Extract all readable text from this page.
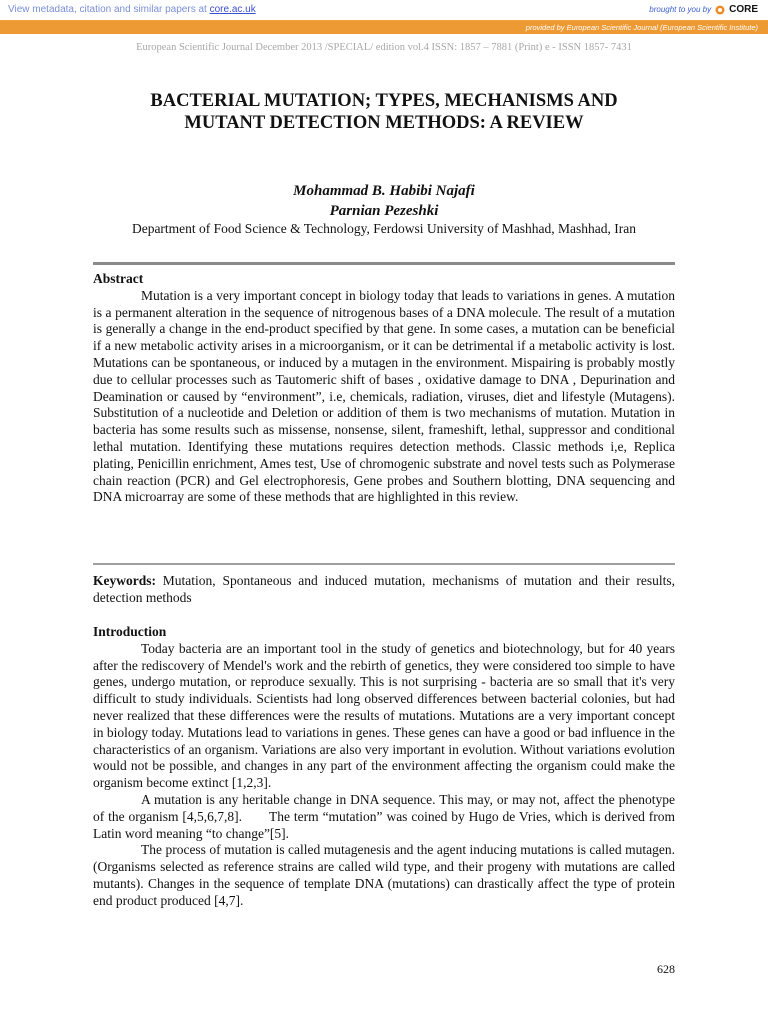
View metadata, citation and similar papers at core.ac.uk	brought to you by CORE
provided by European Scientific Journal (European Scientific Institute)
European Scientific Journal December 2013 /SPECIAL/ edition vol.4 ISSN: 1857 – 7881 (Print) e - ISSN 1857- 7431
BACTERIAL MUTATION; TYPES, MECHANISMS AND
MUTANT DETECTION METHODS: A REVIEW
Mohammad B. Habibi Najafi
Parnian Pezeshki
Department of Food Science & Technology, Ferdowsi University of Mashhad, Mashhad, Iran
Abstract

Mutation is a very important concept in biology today that leads to variations in genes. A mutation is a permanent alteration in the sequence of nitrogenous bases of a DNA molecule. The result of a mutation is generally a change in the end-product specified by that gene. In some cases, a mutation can be beneficial if a new metabolic activity arises in a microorganism, or it can be detrimental if a metabolic activity is lost. Mutations can be spontaneous, or induced by a mutagen in the environment. Mispairing is probably mostly due to cellular processes such as Tautomeric shift of bases , oxidative damage to DNA , Depurination and Deamination or caused by “environment”, i.e, chemicals, radiation, viruses, diet and lifestyle (Mutagens). Substitution of a nucleotide and Deletion or addition of them is two mechanisms of mutation. Mutation in bacteria has some results such as missense, nonsense, silent, frameshift, lethal, suppressor and conditional lethal mutation. Identifying these mutations requires detection methods. Classic methods i,e, Replica plating, Penicillin enrichment, Ames test, Use of chromogenic substrate and novel tests such as Polymerase chain reaction (PCR) and Gel electrophoresis, Gene probes and Southern blotting, DNA sequencing and DNA microarray are some of these methods that are highlighted in this review.

Keywords: Mutation, Spontaneous and induced mutation, mechanisms of mutation and their results, detection methods
Introduction

Today bacteria are an important tool in the study of genetics and biotechnology, but for 40 years after the rediscovery of Mendel's work and the rebirth of genetics, they were considered too simple to have genes, undergo mutation, or reproduce sexually. This is not surprising - bacteria are so small that it's very difficult to study individuals. Scientists had long observed differences between bacterial colonies, but had never realized that these differences were the results of mutations. Mutations are a very important concept in biology today. Mutations lead to variations in genes. These genes can have a good or bad influence in the characteristics of an organism. Variations are also very important in evolution. Without variations evolution would not be possible, and changes in any part of the environment affecting the organism could make the organism become extinct [1,2,3].

A mutation is any heritable change in DNA sequence. This may, or may not, affect the phenotype of the organism [4,5,6,7,8].       The term “mutation” was coined by Hugo de Vries, which is derived from Latin word meaning “to change”[5].

The process of mutation is called mutagenesis and the agent inducing mutations is called mutagen. (Organisms selected as reference strains are called wild type, and their progeny with mutations are called mutants). Changes in the sequence of template DNA (mutations) can drastically affect the type of protein end product produced [4,7].

628
